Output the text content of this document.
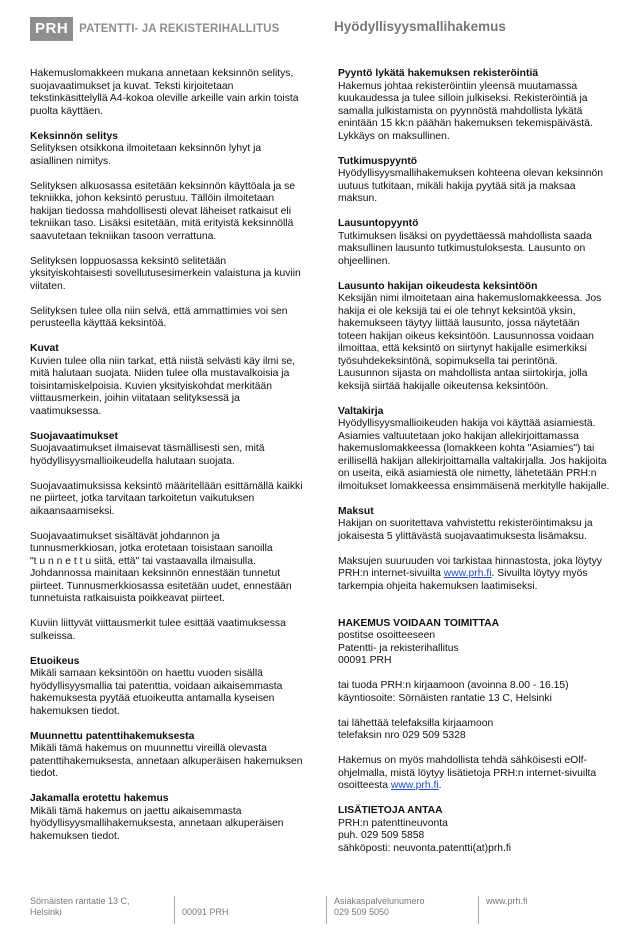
PRH PATENTTI- JA REKISTERIHALLITUS	Hyödyllisyysmallihakemus

Hakemuslomakkeen mukana annetaan keksinnön selitys, suojavaatimukset ja kuvat. Teksti kirjoitetaan tekstinkäsittelyllä A4-kokoa oleville arkeille vain arkin toista puolta käyttäen.

Keksinnön selitys

Selityksen otsikkona ilmoitetaan keksinnön lyhyt ja asiallinen nimitys.

Selityksen alkuosassa esitetään keksinnön käyttöala ja se tekniikka, johon keksintö perustuu. Tällöin ilmoitetaan hakijan tiedossa mahdollisesti olevat läheiset ratkaisut eli tekniikan taso. Lisäksi esitetään, mitä erityistä keksinnöllä saavutetaan tekniikan tasoon verrattuna.

Selityksen loppuosassa keksintö selitetään yksityiskohtaisesti sovellutusesimerkein valaistuna ja kuviin viitaten.

Selityksen tulee olla niin selvä, että ammattimies voi sen perusteella käyttää keksintöä.

Kuvat

Kuvien tulee olla niin tarkat, että niistä selvästi käy ilmi se, mitä halutaan suojata. Niiden tulee olla mustavalkoisia ja toisintamiskelpoisia. Kuvien yksityiskohdat merkitään viittausmerkein, joihin viitataan selityksessä ja vaatimuksessa.

Suojavaatimukset

Suojavaatimukset ilmaisevat täsmällisesti sen, mitä hyödyllisyysmallioikeudella halutaan suojata.

Suojavaatimuksissa keksintö määritellään esittämällä kaikki ne piirteet, jotka tarvitaan tarkoitetun vaikutuksen aikaansaamiseksi.

Suojavaatimukset sisältävät johdannon ja tunnusmerkkiosan, jotka erotetaan toisistaan sanoilla
"t u n n e t t u siitä, että" tai vastaavalla ilmaisulla. Johdannossa mainitaan keksinnön ennestään tunnetut piirteet. Tunnusmerkkiosassa esitetään uudet, ennestään tunnetuista ratkaisuista poikkeavat piirteet.

Kuviin liittyvät viittausmerkit tulee esittää vaatimuksessa sulkeissa.

Etuoikeus

Mikäli samaan keksintöön on haettu vuoden sisällä hyödyllisyysmallia tai patenttia, voidaan aikaisemmasta hakemuksesta pyytää etuoikeutta antamalla kyseisen hakemuksen tiedot.

Muunnettu patenttihakemuksesta

Mikäli tämä hakemus on muunnettu vireillä olevasta patenttihakemuksesta, annetaan alkuperäisen hakemuksen tiedot.

Jakamalla erotettu hakemus

Mikäli tämä hakemus on jaettu aikaisemmasta hyödyllisyysmallihakemuksesta, annetaan alkuperäisen hakemuksen tiedot.

Pyyntö lykätä hakemuksen rekisteröintiä

Hakemus johtaa rekisteröintiin yleensä muutamassa kuukaudessa ja tulee silloin julkiseksi. Rekisteröintiä ja samalla julkistamista on pyynnöstä mahdollista lykätä enintään 15 kk:n päähän hakemuksen tekemispäivästä. Lykkäys on maksullinen.

Tutkimuspyyntö

Hyödyllisyysmallihakemuksen kohteena olevan keksinnön uutuus tutkitaan, mikäli hakija pyytää sitä ja maksaa maksun.

Lausuntopyyntö

Tutkimuksen lisäksi on pyydettäessä mahdollista saada maksullinen lausunto tutkimustuloksesta. Lausunto on ohjeellinen.

Lausunto hakijan oikeudesta keksintöön

Keksijän nimi ilmoitetaan aina hakemuslomakkeessa. Jos hakija ei ole keksijä tai ei ole tehnyt keksintöä yksin, hakemukseen täytyy liittää lausunto, jossa näytetään toteen hakijan oikeus keksintöön. Lausunnossa voidaan ilmoittaa, että keksintö on siirtynyt hakijalle esimerkiksi työsuhdekeksintönä, sopimuksella tai perintönä. Lausunnon sijasta on mahdollista antaa siirtokirja, jolla keksijä siirtää hakijalle oikeutensa keksintöön.

Valtakirja

Hyödyllisyysmallioikeuden hakija voi käyttää asiamiestä. Asiamies valtuutetaan joko hakijan allekirjoittamassa hakemuslomakkeessa (lomakkeen kohta "Asiamies") tai erillisellä hakijan allekirjoittamalla valtakirjalla. Jos hakijoita on useita, eikä asiamiestä ole nimetty, lähetetään PRH:n ilmoitukset lomakkeessa ensimmäisenä merkitylle hakijalle.

Maksut

Hakijan on suoritettava vahvistettu rekisteröintimaksu ja jokaisesta 5 ylittävästä suojavaatimuksesta lisämaksu.

Maksujen suuruuden voi tarkistaa hinnastosta, joka löytyy PRH:n internet-sivuilta www.prh.fi. Sivuilta löytyy myös tarkempia ohjeita hakemuksen laatimiseksi.

HAKEMUS VOIDAAN TOIMITTAA

postitse osoitteeseen
Patentti- ja rekisterihallitus
00091 PRH

tai tuoda PRH:n kirjaamoon (avoinna 8.00 - 16.15)
käyntiosoite: Sörnäisten rantatie 13 C, Helsinki

tai lähettää telefaksilla kirjaamoon
telefaksin nro 029 509 5328

Hakemus on myös mahdollista tehdä sähköisesti eOlf-ohjelmalla, mistä löytyy lisätietoja PRH:n internet-sivuilta osoitteesta www.prh.fi.

LISÄTIETOJA ANTAA

PRH:n patenttineuvonta
puh. 029 509 5858
sähköposti: neuvonta.patentti(at)prh.fi

Sörnäisten rantatie 13 C,
Helsinki	00091 PRH
Asiakaspalvelunumero
029 509 5050
www.prh.fi
